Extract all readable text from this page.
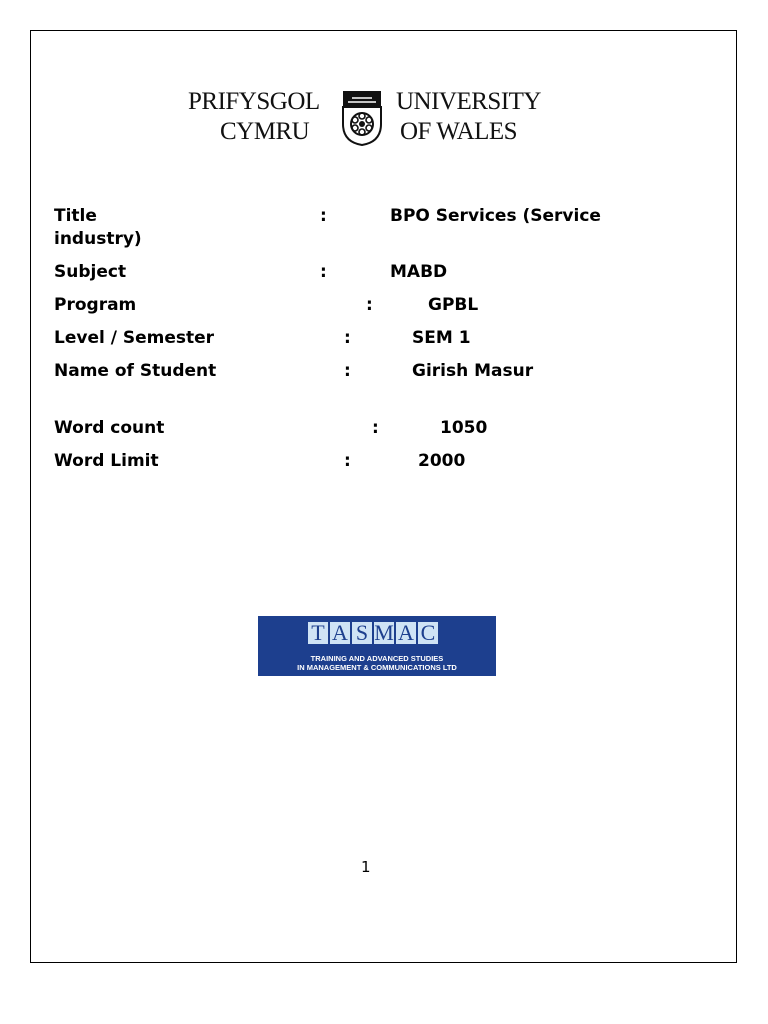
PRIFYSGOL
CYMRU
UNIVERSITY
OF WALES
Title	:	BPO Services (Service
industry)
Subject	:	MABD
Program	:	GPBL
Level / Semester	:	SEM 1
Name of Student	:	Girish Masur
Word count	:	1050
Word Limit	:	2000
T A S M A C
TRAINING AND ADVANCED STUDIES
IN MANAGEMENT & COMMUNICATIONS LTD
1
